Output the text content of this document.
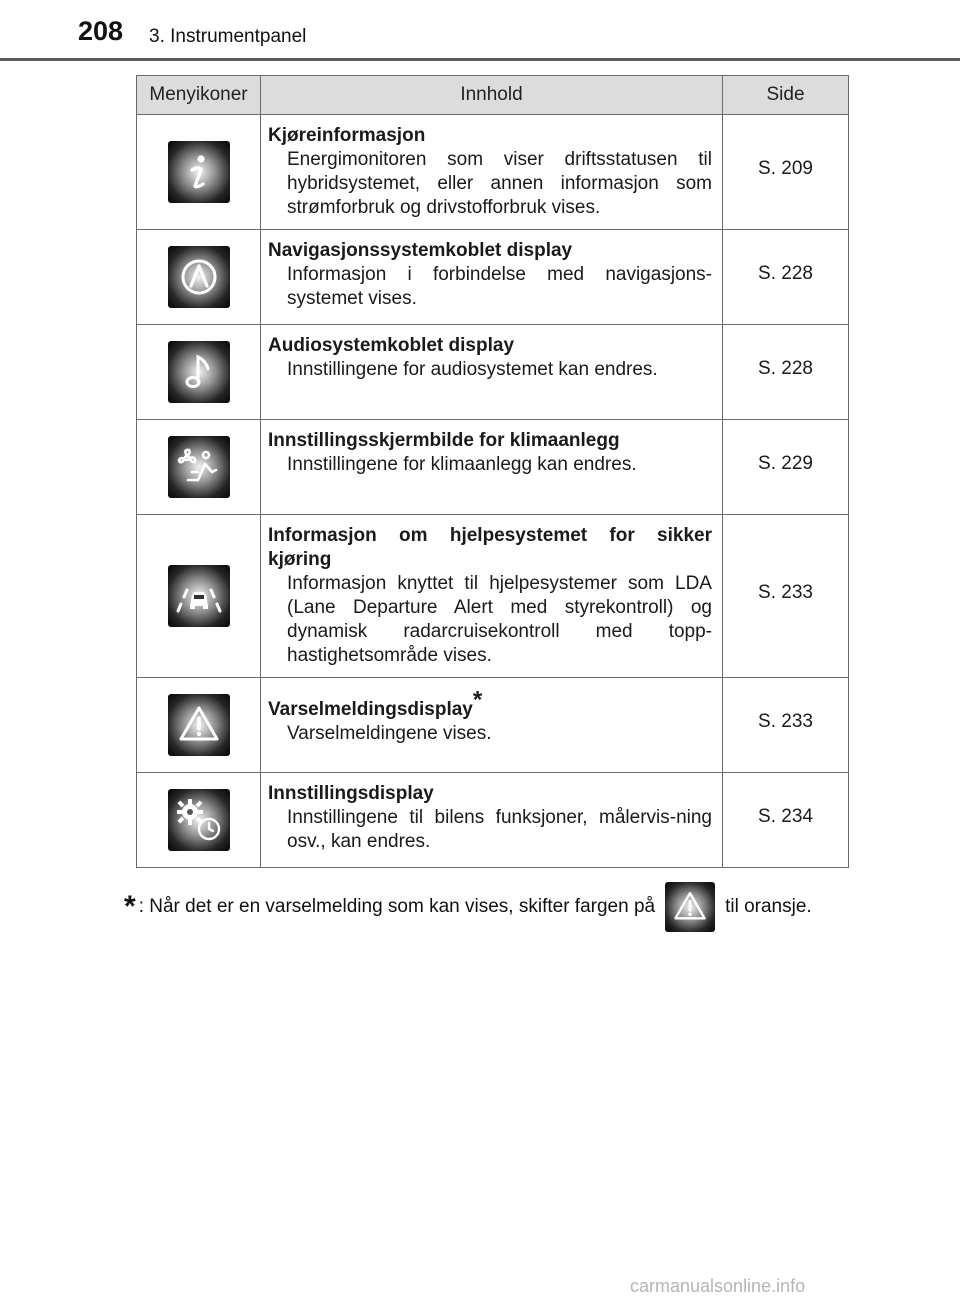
208 3. Instrumentpanel
Menyikoner	Innhold	Side

Kjøreinformasjon
Energimonitoren som viser driftsstatusen til hybridsystemet, eller annen informasjon som strømforbruk og drivstofforbruk vises.	S. 209

Navigasjonssystemkoblet display
Informasjon i forbindelse med navigasjons-systemet vises.	S. 228

Audiosystemkoblet display
Innstillingene for audiosystemet kan endres.	S. 228

Innstillingsskjermbilde for klimaanlegg
Innstillingene for klimaanlegg kan endres.	S. 229

Informasjon om hjelpesystemet for sikker kjøring
Informasjon knyttet til hjelpesystemer som LDA (Lane Departure Alert med styrekontroll) og dynamisk radarcruisekontroll med topp-hastighetsområde vises.	S. 233

Varselmeldingsdisplay*
Varselmeldingene vises.	S. 233

Innstillingsdisplay
Innstillingene til bilens funksjoner, målervis-ning osv., kan endres.	S. 234
* : Når det er en varselmelding som kan vises, skifter fargen på	til oransje.
carmanualsonline.info
